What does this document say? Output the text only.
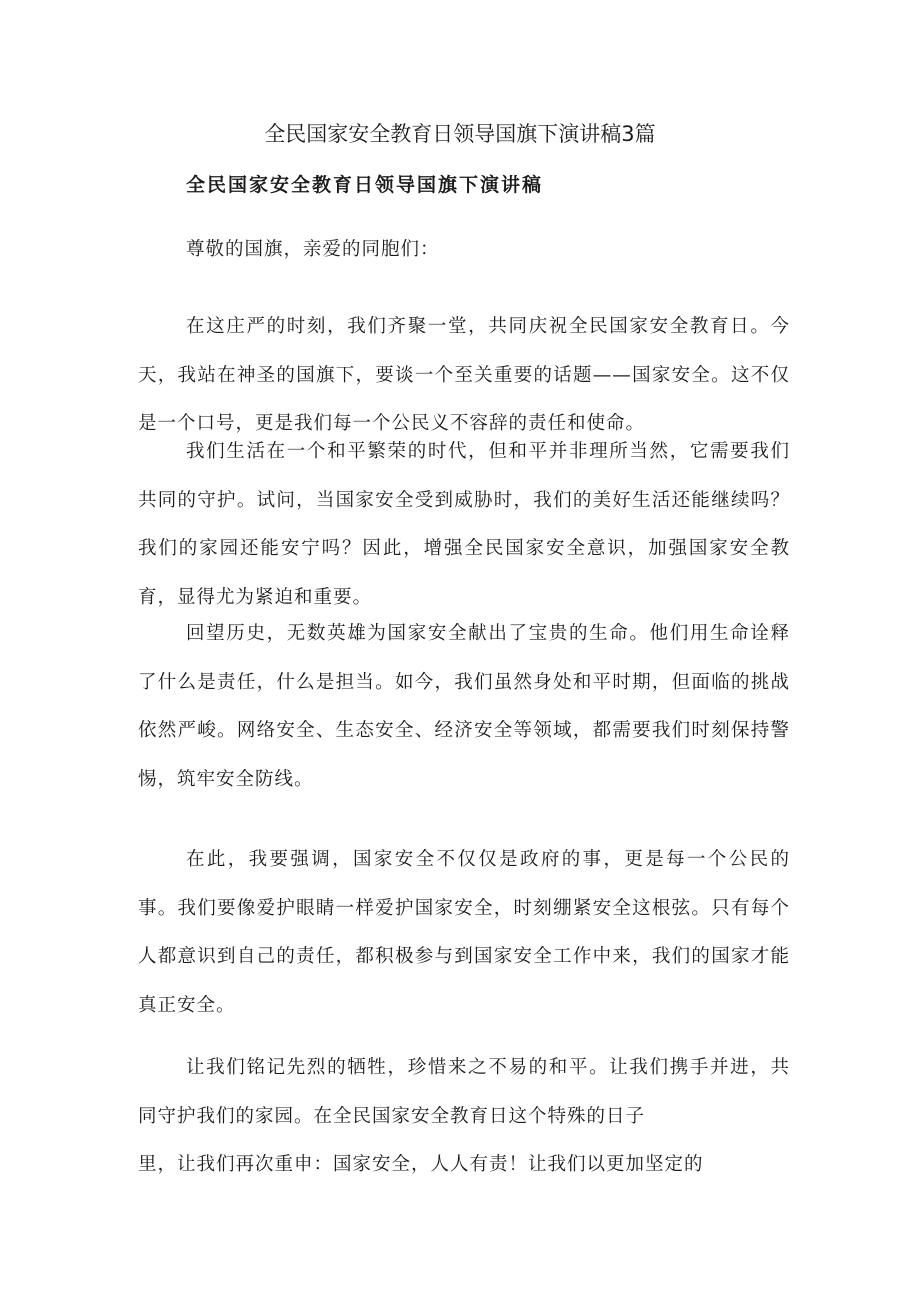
全民国家安全教育日领导国旗下演讲稿3篇
全民国家安全教育日领导国旗下演讲稿

尊敬的国旗，亲爱的同胞们：

在这庄严的时刻，我们齐聚一堂，共同庆祝全民国家安全教育日。今天，我站在神圣的国旗下，要谈一个至关重要的话题——国家安全。这不仅是一个口号，更是我们每一个公民义不容辞的责任和使命。

我们生活在一个和平繁荣的时代，但和平并非理所当然，它需要我们共同的守护。试问，当国家安全受到威胁时，我们的美好生活还能继续吗？我们的家园还能安宁吗？因此，增强全民国家安全意识，加强国家安全教育，显得尤为紧迫和重要。

回望历史，无数英雄为国家安全献出了宝贵的生命。他们用生命诠释了什么是责任，什么是担当。如今，我们虽然身处和平时期，但面临的挑战依然严峻。网络安全、生态安全、经济安全等领域，都需要我们时刻保持警惕，筑牢安全防线。

在此，我要强调，国家安全不仅仅是政府的事，更是每一个公民的事。我们要像爱护眼睛一样爱护国家安全，时刻绷紧安全这根弦。只有每个人都意识到自己的责任，都积极参与到国家安全工作中来，我们的国家才能真正安全。

让我们铭记先烈的牺牲，珍惜来之不易的和平。让我们携手并进，共同守护我们的家园。在全民国家安全教育日这个特殊的日子
里，让我们再次重申：国家安全，人人有责！让我们以更加坚定的
